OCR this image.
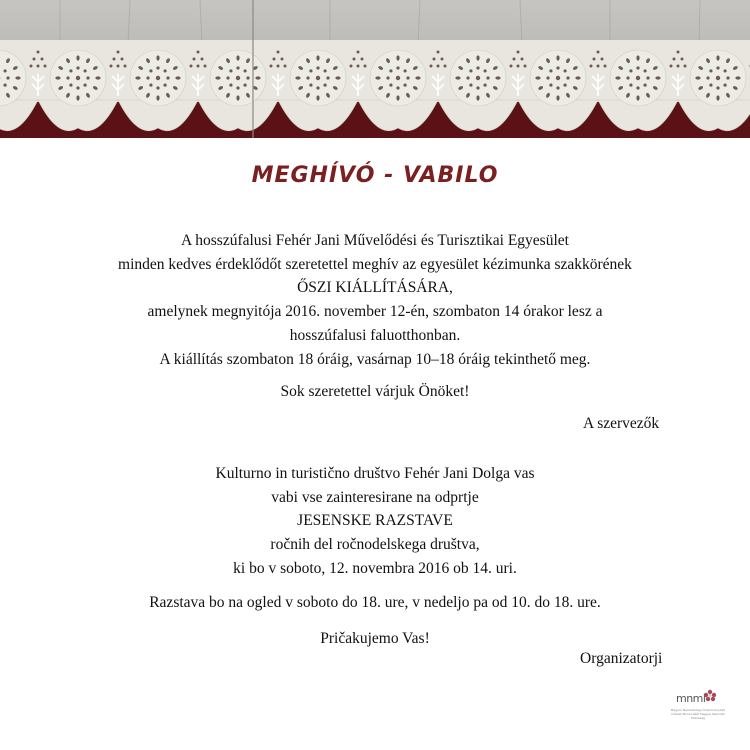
MEGHÍVÓ - VABILO
A hosszúfalusi Fehér Jani Művelődési és Turisztikai Egyesület
minden kedves érdeklődőt szeretettel meghív az egyesület kézimunka szakkörének
ŐSZI KIÁLLÍTÁSÁRA,
amelynek megnyitója 2016. november 12-én, szombaton 14 órakor lesz a
hosszúfalusi faluotthonban.
A kiállítás szombaton 18 óráig, vasárnap 10–18 óráig tekinthető meg.
Sok szeretettel várjuk Önöket!
A szervezők
Kulturno in turistično društvo Fehér Jani Dolga vas
vabi vse zainteresirane na odprtje
JESENSKE RAZSTAVE
ročnih del ročnodelskega društva,
ki bo v soboto, 12. novembra 2016 ob 14. uri.
Razstava bo na ogled v soboto do 18. ure, v nedeljo pa od 10. do 18. ure.
Pričakujemo Vas!
Organizatorji
mnmi
Magyar Nemzetiségi Önkormányzati Intézet Muravidéki Magyar Nemzeti Közösség
